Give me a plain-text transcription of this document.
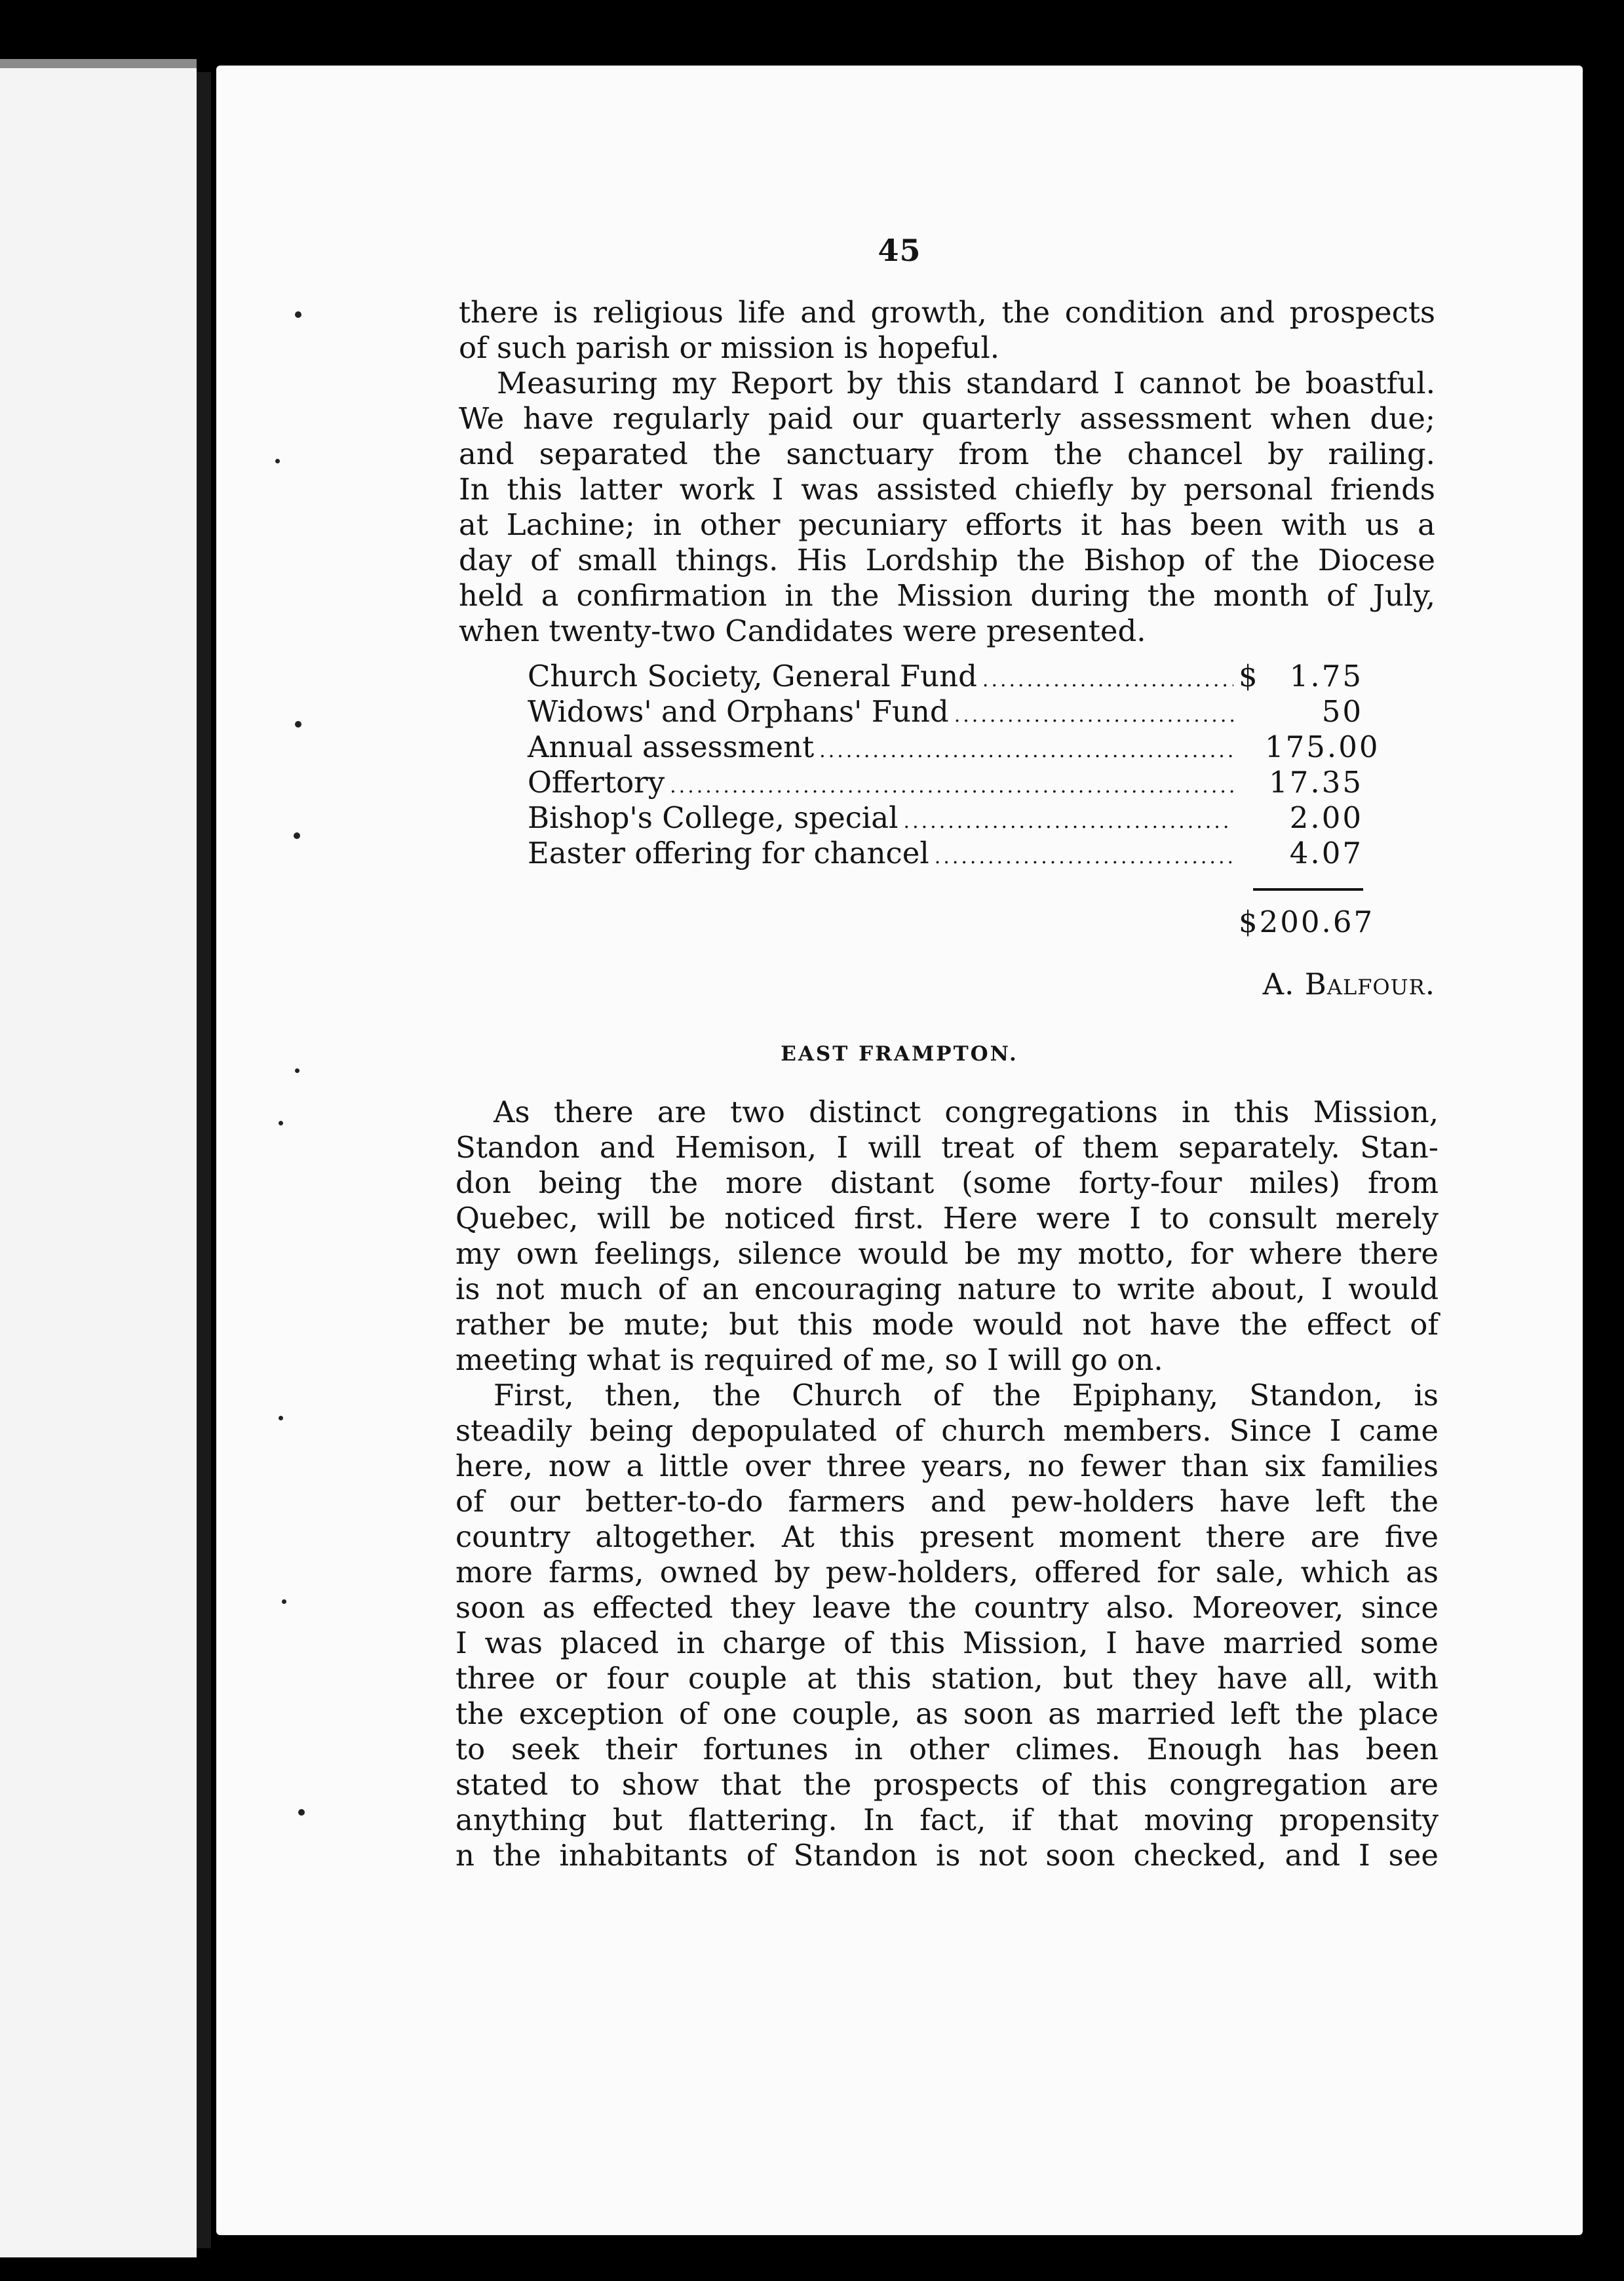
45

there is religious life and growth, the condition and prospects
of such parish or mission is hopeful.

Measuring my Report by this standard I cannot be boastful.
We have regularly paid our quarterly assessment when due;
and separated the sanctuary from the chancel by railing.
In this latter work I was assisted chiefly by personal friends
at Lachine; in other pecuniary efforts it has been with us a
day of small things. His Lordship the Bishop of the Diocese
held a confirmation in the Mission during the month of July,
when twenty-two Candidates were presented.

Church Society, General Fund .....	$	1.75
Widows' and Orphans' Fund .....	50
Annual assessment .....	175.00
Offertory .....	17.35
Bishop's College, special .....	2.00
Easter offering for chancel .....	4.07
$200.67
A. Balfour.
EAST FRAMPTON.

As there are two distinct congregations in this Mission,
Standon and Hemison, I will treat of them separately. Stan-
don being the more distant (some forty-four miles) from
Quebec, will be noticed first. Here were I to consult merely
my own feelings, silence would be my motto, for where there
is not much of an encouraging nature to write about, I would
rather be mute; but this mode would not have the effect of
meeting what is required of me, so I will go on.

First, then, the Church of the Epiphany, Standon, is
steadily being depopulated of church members. Since I came
here, now a little over three years, no fewer than six families
of our better-to-do farmers and pew-holders have left the
country altogether. At this present moment there are five
more farms, owned by pew-holders, offered for sale, which as
soon as effected they leave the country also. Moreover, since
I was placed in charge of this Mission, I have married some
three or four couple at this station, but they have all, with
the exception of one couple, as soon as married left the place
to seek their fortunes in other climes. Enough has been
stated to show that the prospects of this congregation are
anything but flattering. In fact, if that moving propensity
n the inhabitants of Standon is not soon checked, and I see
